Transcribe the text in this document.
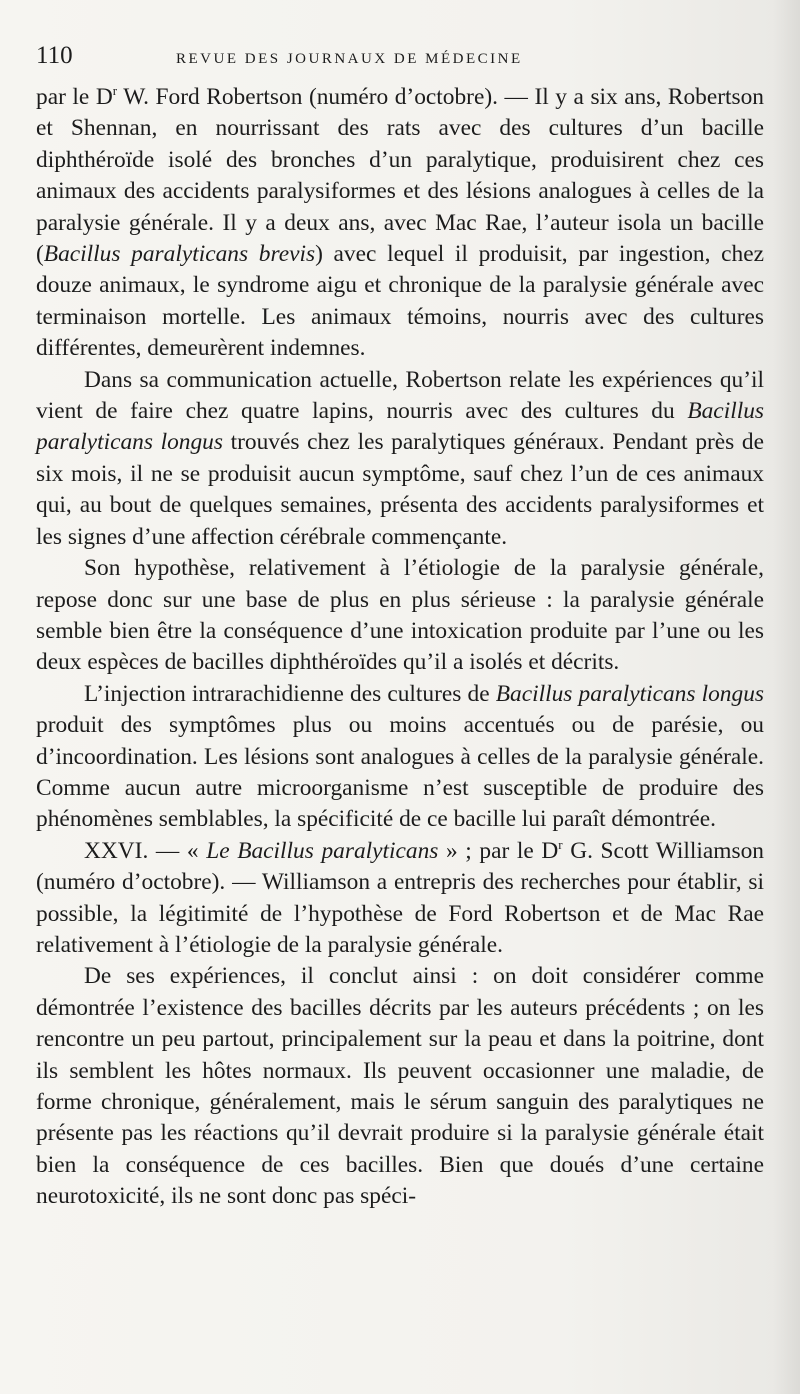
110	REVUE DES JOURNAUX DE MÉDECINE

par le $D^r$ W. Ford Robertson (numéro d’octobre). — Il y a six ans, Robertson et Shennan, en nourrissant des rats avec des cultures d’un bacille diphthéroïde isolé des bronches d’un paralytique, produisirent chez ces animaux des accidents paralysiformes et des lésions analogues à celles de la paralysie générale. Il y a deux ans, avec Mac Rae, l’auteur isola un bacille (Bacillus paralyticans brevis) avec lequel il produisit, par ingestion, chez douze animaux, le syndrome aigu et chronique de la paralysie générale avec terminaison mortelle. Les animaux témoins, nourris avec des cultures différentes, demeurèrent indemnes.

Dans sa communication actuelle, Robertson relate les expériences qu’il vient de faire chez quatre lapins, nourris avec des cultures du Bacillus paralyticans longus trouvés chez les paralytiques généraux. Pendant près de six mois, il ne se produisit aucun symptôme, sauf chez l’un de ces animaux qui, au bout de quelques semaines, présenta des accidents paralysiformes et les signes d’une affection cérébrale commençante.

Son hypothèse, relativement à l’étiologie de la paralysie générale, repose donc sur une base de plus en plus sérieuse : la paralysie générale semble bien être la conséquence d’une intoxication produite par l’une ou les deux espèces de bacilles diphthéroïdes qu’il a isolés et décrits.

L’injection intrarachidienne des cultures de Bacillus paralyticans longus produit des symptômes plus ou moins accentués ou de parésie, ou d’incoordination. Les lésions sont analogues à celles de la paralysie générale. Comme aucun autre microorganisme n’est susceptible de produire des phénomènes semblables, la spécificité de ce bacille lui paraît démontrée.

XXVI. — « Le Bacillus paralyticans » ; par le $D^r$ G. Scott Williamson (numéro d’octobre). — Williamson a entrepris des recherches pour établir, si possible, la légitimité de l’hypothèse de Ford Robertson et de Mac Rae relativement à l’étiologie de la paralysie générale.

De ses expériences, il conclut ainsi : on doit considérer comme démontrée l’existence des bacilles décrits par les auteurs précédents ; on les rencontre un peu partout, principalement sur la peau et dans la poitrine, dont ils semblent les hôtes normaux. Ils peuvent occasionner une maladie, de forme chronique, généralement, mais le sérum sanguin des paralytiques ne présente pas les réactions qu’il devrait produire si la paralysie générale était bien la conséquence de ces bacilles. Bien que doués d’une certaine neurotoxicité, ils ne sont donc pas spéci-
